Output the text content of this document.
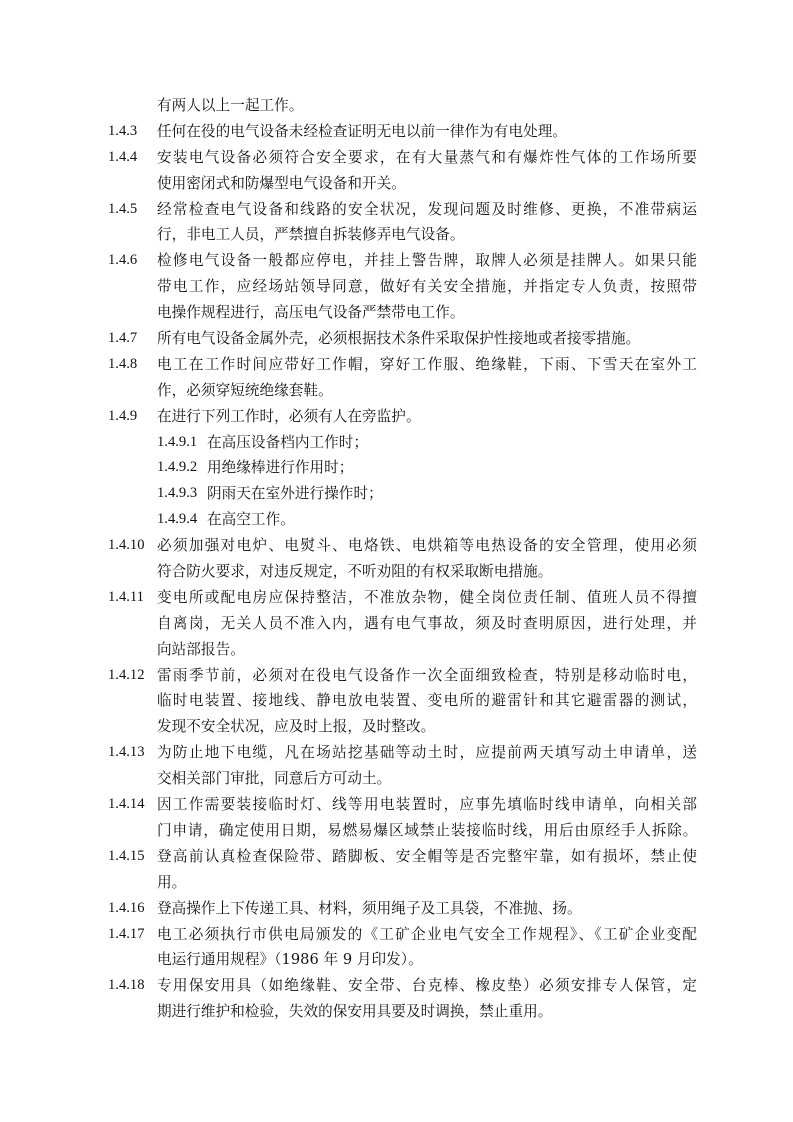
有两人以上一起工作。
1.4.3 任何在役的电气设备未经检查证明无电以前一律作为有电处理。
1.4.4 安装电气设备必须符合安全要求，在有大量蒸气和有爆炸性气体的工作场所要
使用密闭式和防爆型电气设备和开关。
1.4.5 经常检查电气设备和线路的安全状况，发现问题及时维修、更换，不准带病运
行，非电工人员，严禁擅自拆装修弄电气设备。
1.4.6 检修电气设备一般都应停电，并挂上警告牌，取牌人必须是挂牌人。如果只能
带电工作，应经场站领导同意，做好有关安全措施，并指定专人负责，按照带
电操作规程进行，高压电气设备严禁带电工作。
1.4.7 所有电气设备金属外壳，必须根据技术条件采取保护性接地或者接零措施。
1.4.8 电工在工作时间应带好工作帽，穿好工作服、绝缘鞋，下雨、下雪天在室外工
作，必须穿短统绝缘套鞋。
1.4.9 在进行下列工作时，必须有人在旁监护。
1.4.9.1 在高压设备档内工作时；
1.4.9.2 用绝缘棒进行作用时；
1.4.9.3 阴雨天在室外进行操作时；
1.4.9.4 在高空工作。
1.4.10 必须加强对电炉、电熨斗、电烙铁、电烘箱等电热设备的安全管理，使用必须
符合防火要求，对违反规定，不听劝阻的有权采取断电措施。
1.4.11 变电所或配电房应保持整洁，不准放杂物，健全岗位责任制、值班人员不得擅
自离岗，无关人员不准入内，遇有电气事故，须及时查明原因，进行处理，并
向站部报告。
1.4.12 雷雨季节前，必须对在役电气设备作一次全面细致检查，特别是移动临时电，
临时电装置、接地线、静电放电装置、变电所的避雷针和其它避雷器的测试，
发现不安全状况，应及时上报，及时整改。
1.4.13 为防止地下电缆，凡在场站挖基础等动土时，应提前两天填写动土申请单，送
交相关部门审批，同意后方可动土。
1.4.14 因工作需要装接临时灯、线等用电装置时，应事先填临时线申请单，向相关部
门申请，确定使用日期，易燃易爆区域禁止装接临时线，用后由原经手人拆除。
1.4.15 登高前认真检查保险带、踏脚板、安全帽等是否完整牢靠，如有损坏，禁止使
用。
1.4.16 登高操作上下传递工具、材料，须用绳子及工具袋，不准抛、扬。
1.4.17 电工必须执行市供电局颁发的《工矿企业电气安全工作规程》、《工矿企业变配
电运行通用规程》（1986 年 9 月印发）。
1.4.18 专用保安用具（如绝缘鞋、安全带、台克棒、橡皮垫）必须安排专人保管，定
期进行维护和检验，失效的保安用具要及时调换，禁止重用。
